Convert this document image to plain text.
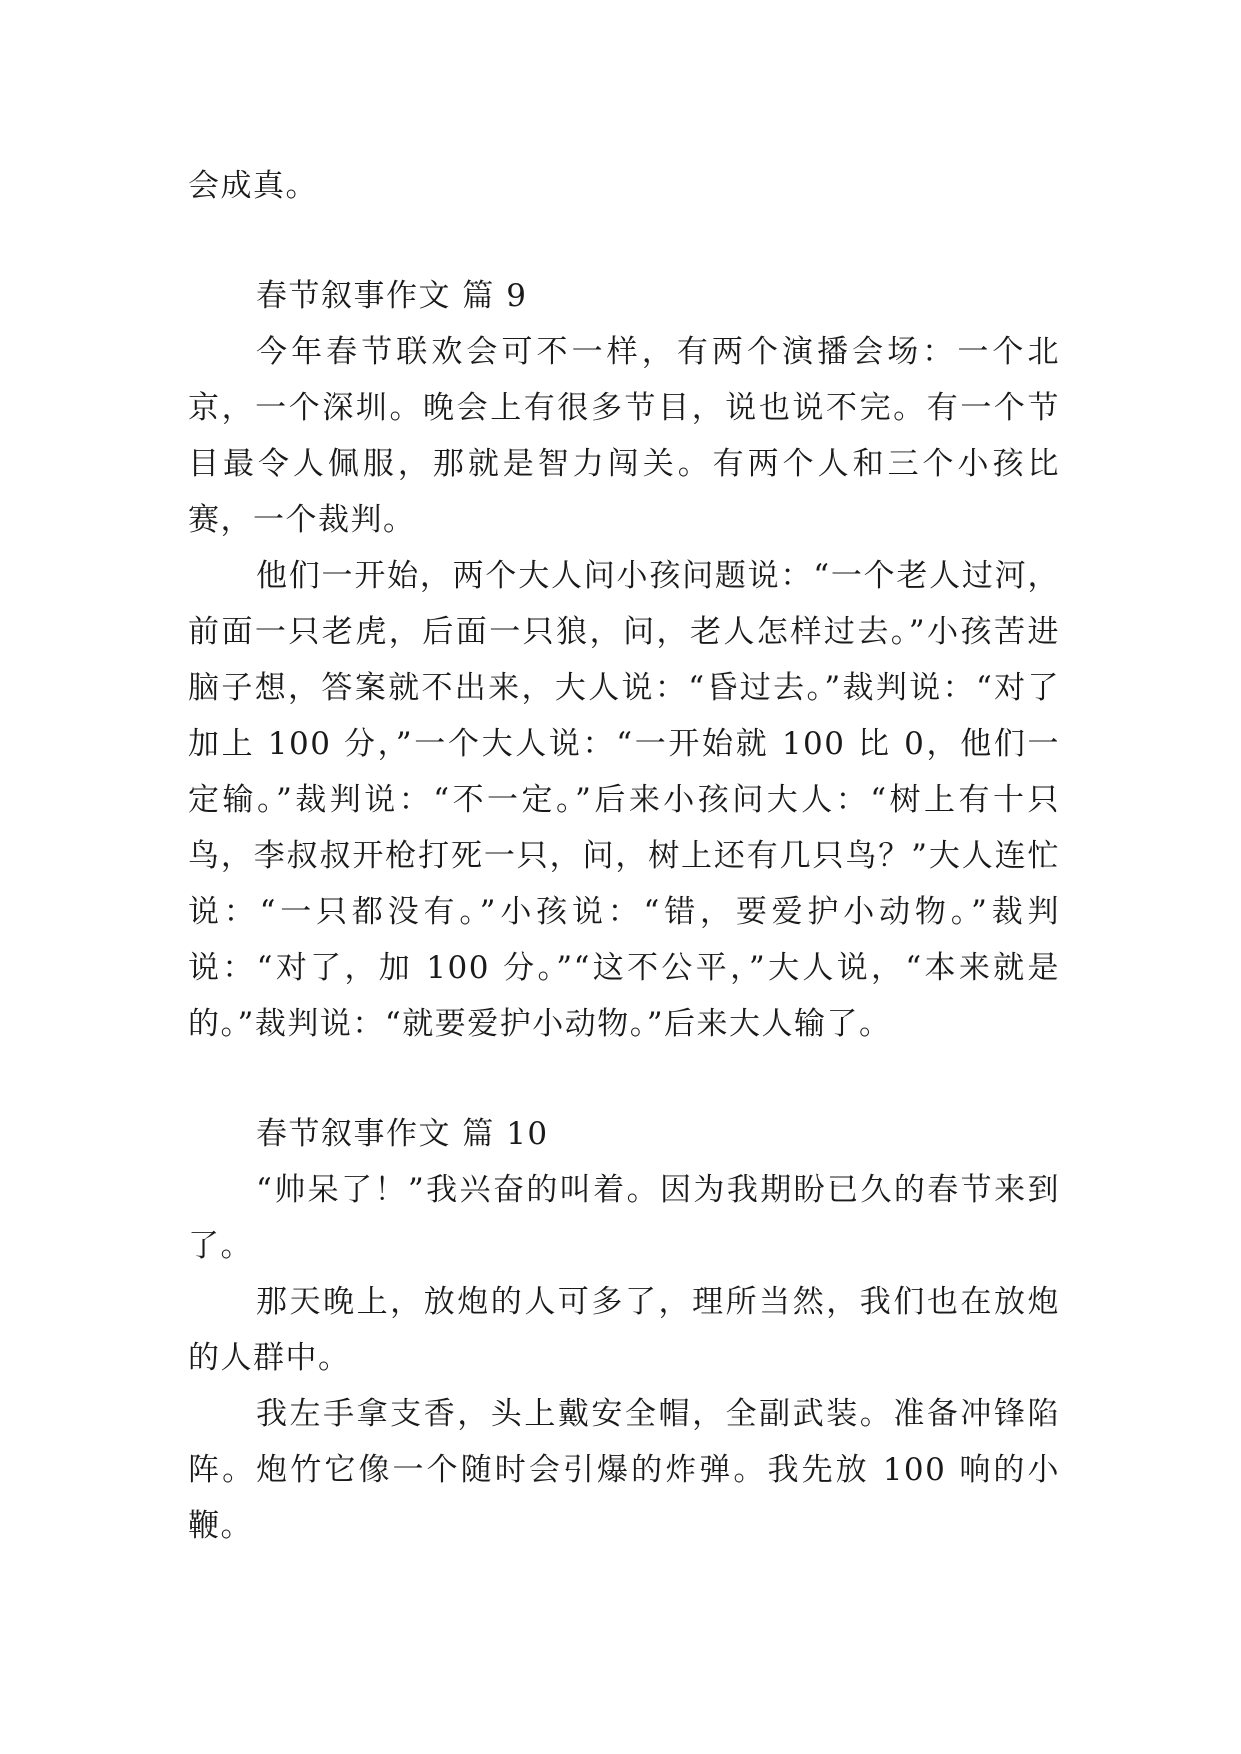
会成真。

春节叙事作文 篇 9

今年春节联欢会可不一样，有两个演播会场：一个北京，一个深圳。晚会上有很多节目，说也说不完。有一个节目最令人佩服，那就是智力闯关。有两个人和三个小孩比赛，一个裁判。

他们一开始，两个大人问小孩问题说：“一个老人过河，前面一只老虎，后面一只狼，问，老人怎样过去。”小孩苦进脑子想，答案就不出来，大人说：“昏过去。”裁判说：“对了加上 100 分，”一个大人说：“一开始就 100 比 0，他们一定输。”裁判说：“不一定。”后来小孩问大人：“树上有十只鸟，李叔叔开枪打死一只，问，树上还有几只鸟？”大人连忙说：“一只都没有。”小孩说：“错，要爱护小动物。”裁判说：“对了，加 100 分。”“这不公平，”大人说，“本来就是的。”裁判说：“就要爱护小动物。”后来大人输了。

春节叙事作文 篇 10

“帅呆了！”我兴奋的叫着。因为我期盼已久的春节来到了。

那天晚上，放炮的人可多了，理所当然，我们也在放炮的人群中。

我左手拿支香，头上戴安全帽，全副武装。准备冲锋陷阵。炮竹它像一个随时会引爆的炸弹。我先放 100 响的小鞭。
